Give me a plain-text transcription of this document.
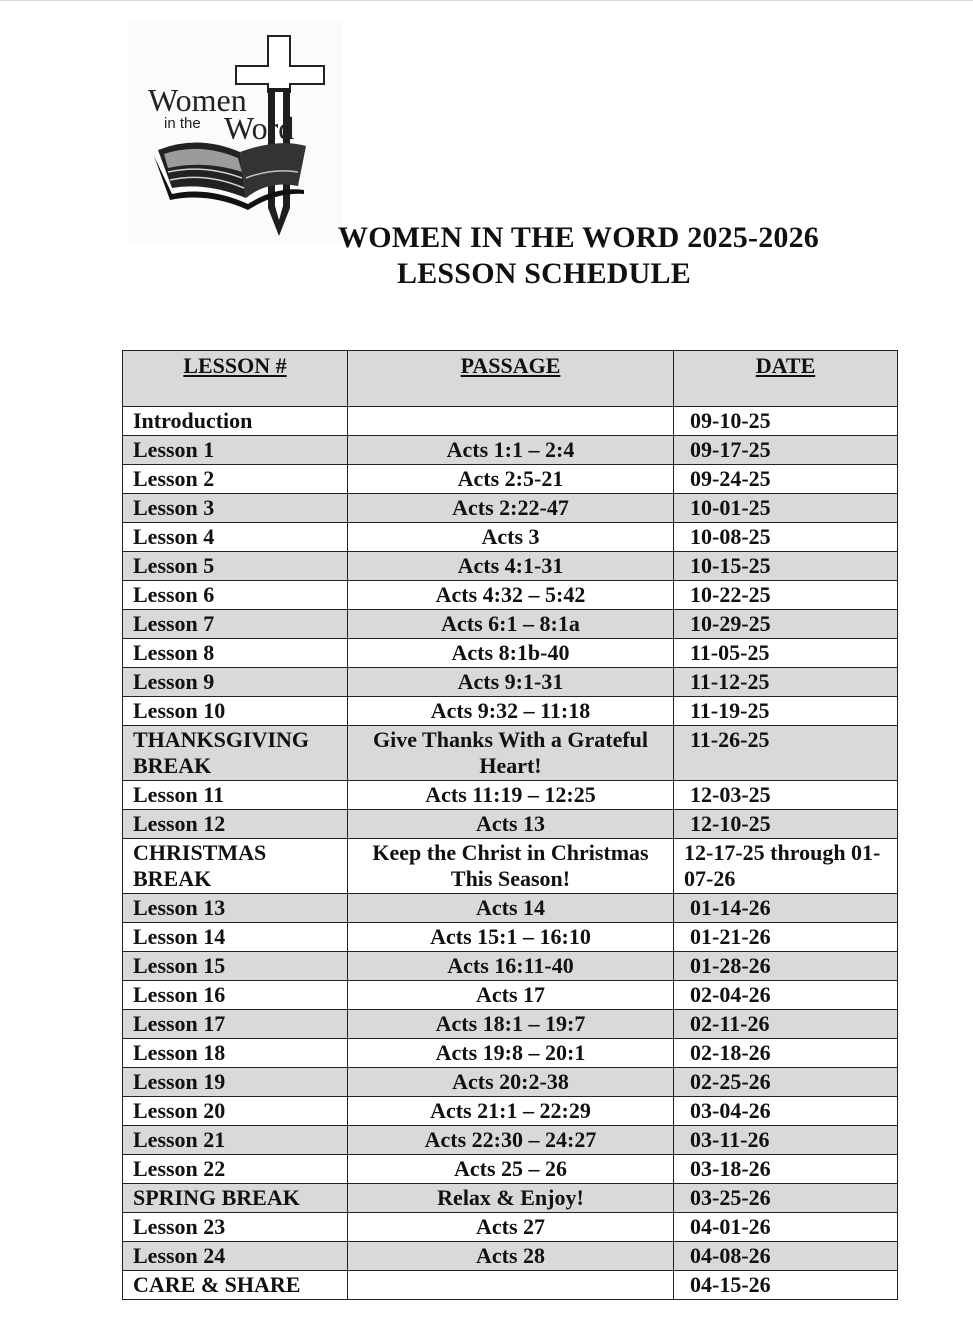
Women
in the Word
WOMEN IN THE WORD 2025-2026
LESSON SCHEDULE
LESSON #	PASSAGE	DATE
Introduction		09-10-25
Lesson 1	Acts 1:1 – 2:4	09-17-25
Lesson 2	Acts 2:5-21	09-24-25
Lesson 3	Acts 2:22-47	10-01-25
Lesson 4	Acts 3	10-08-25
Lesson 5	Acts 4:1-31	10-15-25
Lesson 6	Acts 4:32 – 5:42	10-22-25
Lesson 7	Acts 6:1 – 8:1a	10-29-25
Lesson 8	Acts 8:1b-40	11-05-25
Lesson 9	Acts 9:1-31	11-12-25
Lesson 10	Acts 9:32 – 11:18	11-19-25
THANKSGIVING BREAK	Give Thanks With a Grateful Heart!	11-26-25
Lesson 11	Acts 11:19 – 12:25	12-03-25
Lesson 12	Acts 13	12-10-25
CHRISTMAS BREAK	Keep the Christ in Christmas This Season!	12-17-25 through 01-07-26
Lesson 13	Acts 14	01-14-26
Lesson 14	Acts 15:1 – 16:10	01-21-26
Lesson 15	Acts 16:11-40	01-28-26
Lesson 16	Acts 17	02-04-26
Lesson 17	Acts 18:1 – 19:7	02-11-26
Lesson 18	Acts 19:8 – 20:1	02-18-26
Lesson 19	Acts 20:2-38	02-25-26
Lesson 20	Acts 21:1 – 22:29	03-04-26
Lesson 21	Acts 22:30 – 24:27	03-11-26
Lesson 22	Acts 25 – 26	03-18-26
SPRING BREAK	Relax & Enjoy!	03-25-26
Lesson 23	Acts 27	04-01-26
Lesson 24	Acts 28	04-08-26
CARE & SHARE		04-15-26
